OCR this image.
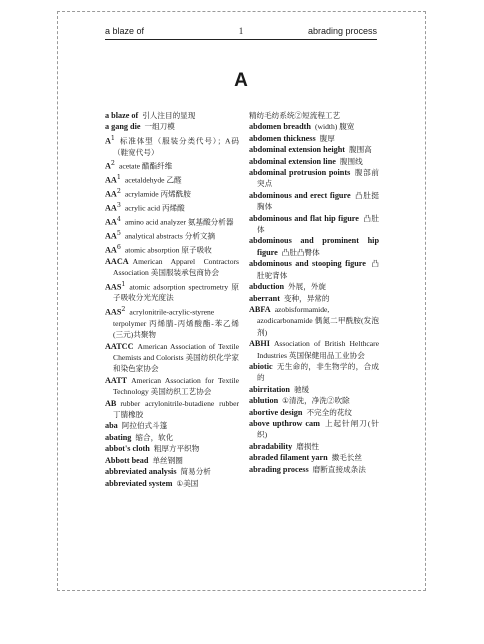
a blaze of	1	abrading process
A

a blaze of 引人注目的显现

a gang die 一组刀模

$A^1$ 标准体型（服装分类代号）；A码（鞋宽代号）

$A^2$ acetate 醋酯纤维

$AA^1$ acetaldehyde 乙醛

$AA^2$ acrylamide 丙烯酰胺

$AA^3$ acrylic acid 丙烯酸

$AA^4$ amino acid analyzer 氨基酸分析器

$AA^5$ analytical abstracts 分析文摘

$AA^6$ atomic absorption 原子吸收

AACA American Apparel Contractors Association 美国服装承包商协会

AAS$^1$ atomic adsorption spectrometry 原子吸收分光光度法

AAS$^2$ acrylonitrile-acrylic-styrene terpolymer 丙烯腈-丙烯酸酯-苯乙烯(三元)共聚物

AATCC American Association of Textile Chemists and Colorists 美国纺织化学家和染色家协会

AATT American Association for Textile Technology 美国纺织工艺协会

AB rubber acrylonitrile-butadiene rubber 丁腈橡胶

aba 阿拉伯式斗篷

abating 缩合，软化

abbot's cloth 粗厚方平织物

Abbott bead 单丝钢圈

abbreviated analysis 简易分析

abbreviated system ①美国

精纺毛纺系统②短流程工艺

abdomen breadth (width) 腹宽

abdomen thickness 腹厚

abdominal extension height 腹围高

abdominal extension line 腹围线

abdominal protrusion points 腹部前突点

abdominous and erect figure 凸肚挺胸体

abdominous and flat hip figure 凸肚体

abdominous and prominent hip figure 凸肚凸臀体

abdominous and stooping figure 凸肚驼背体

abduction 外展，外旋

aberrant 变种，异常的

ABFA azobisformamide, azodicarbonamide 偶氮二甲酰胺(发泡剂)

ABHI Association of British Helthcare Industries 英国保健用品工业协会

abiotic 无生命的，非生物学的，合成的

abirritation 驰缓

ablution ①清洗，净洗②吹除

abortive design 不完全的花纹

above upthrow cam 上起针闸刀(针织)

abradability 磨损性

abraded filament yarn 擞毛长丝

abrading process 磨断直接成条法
